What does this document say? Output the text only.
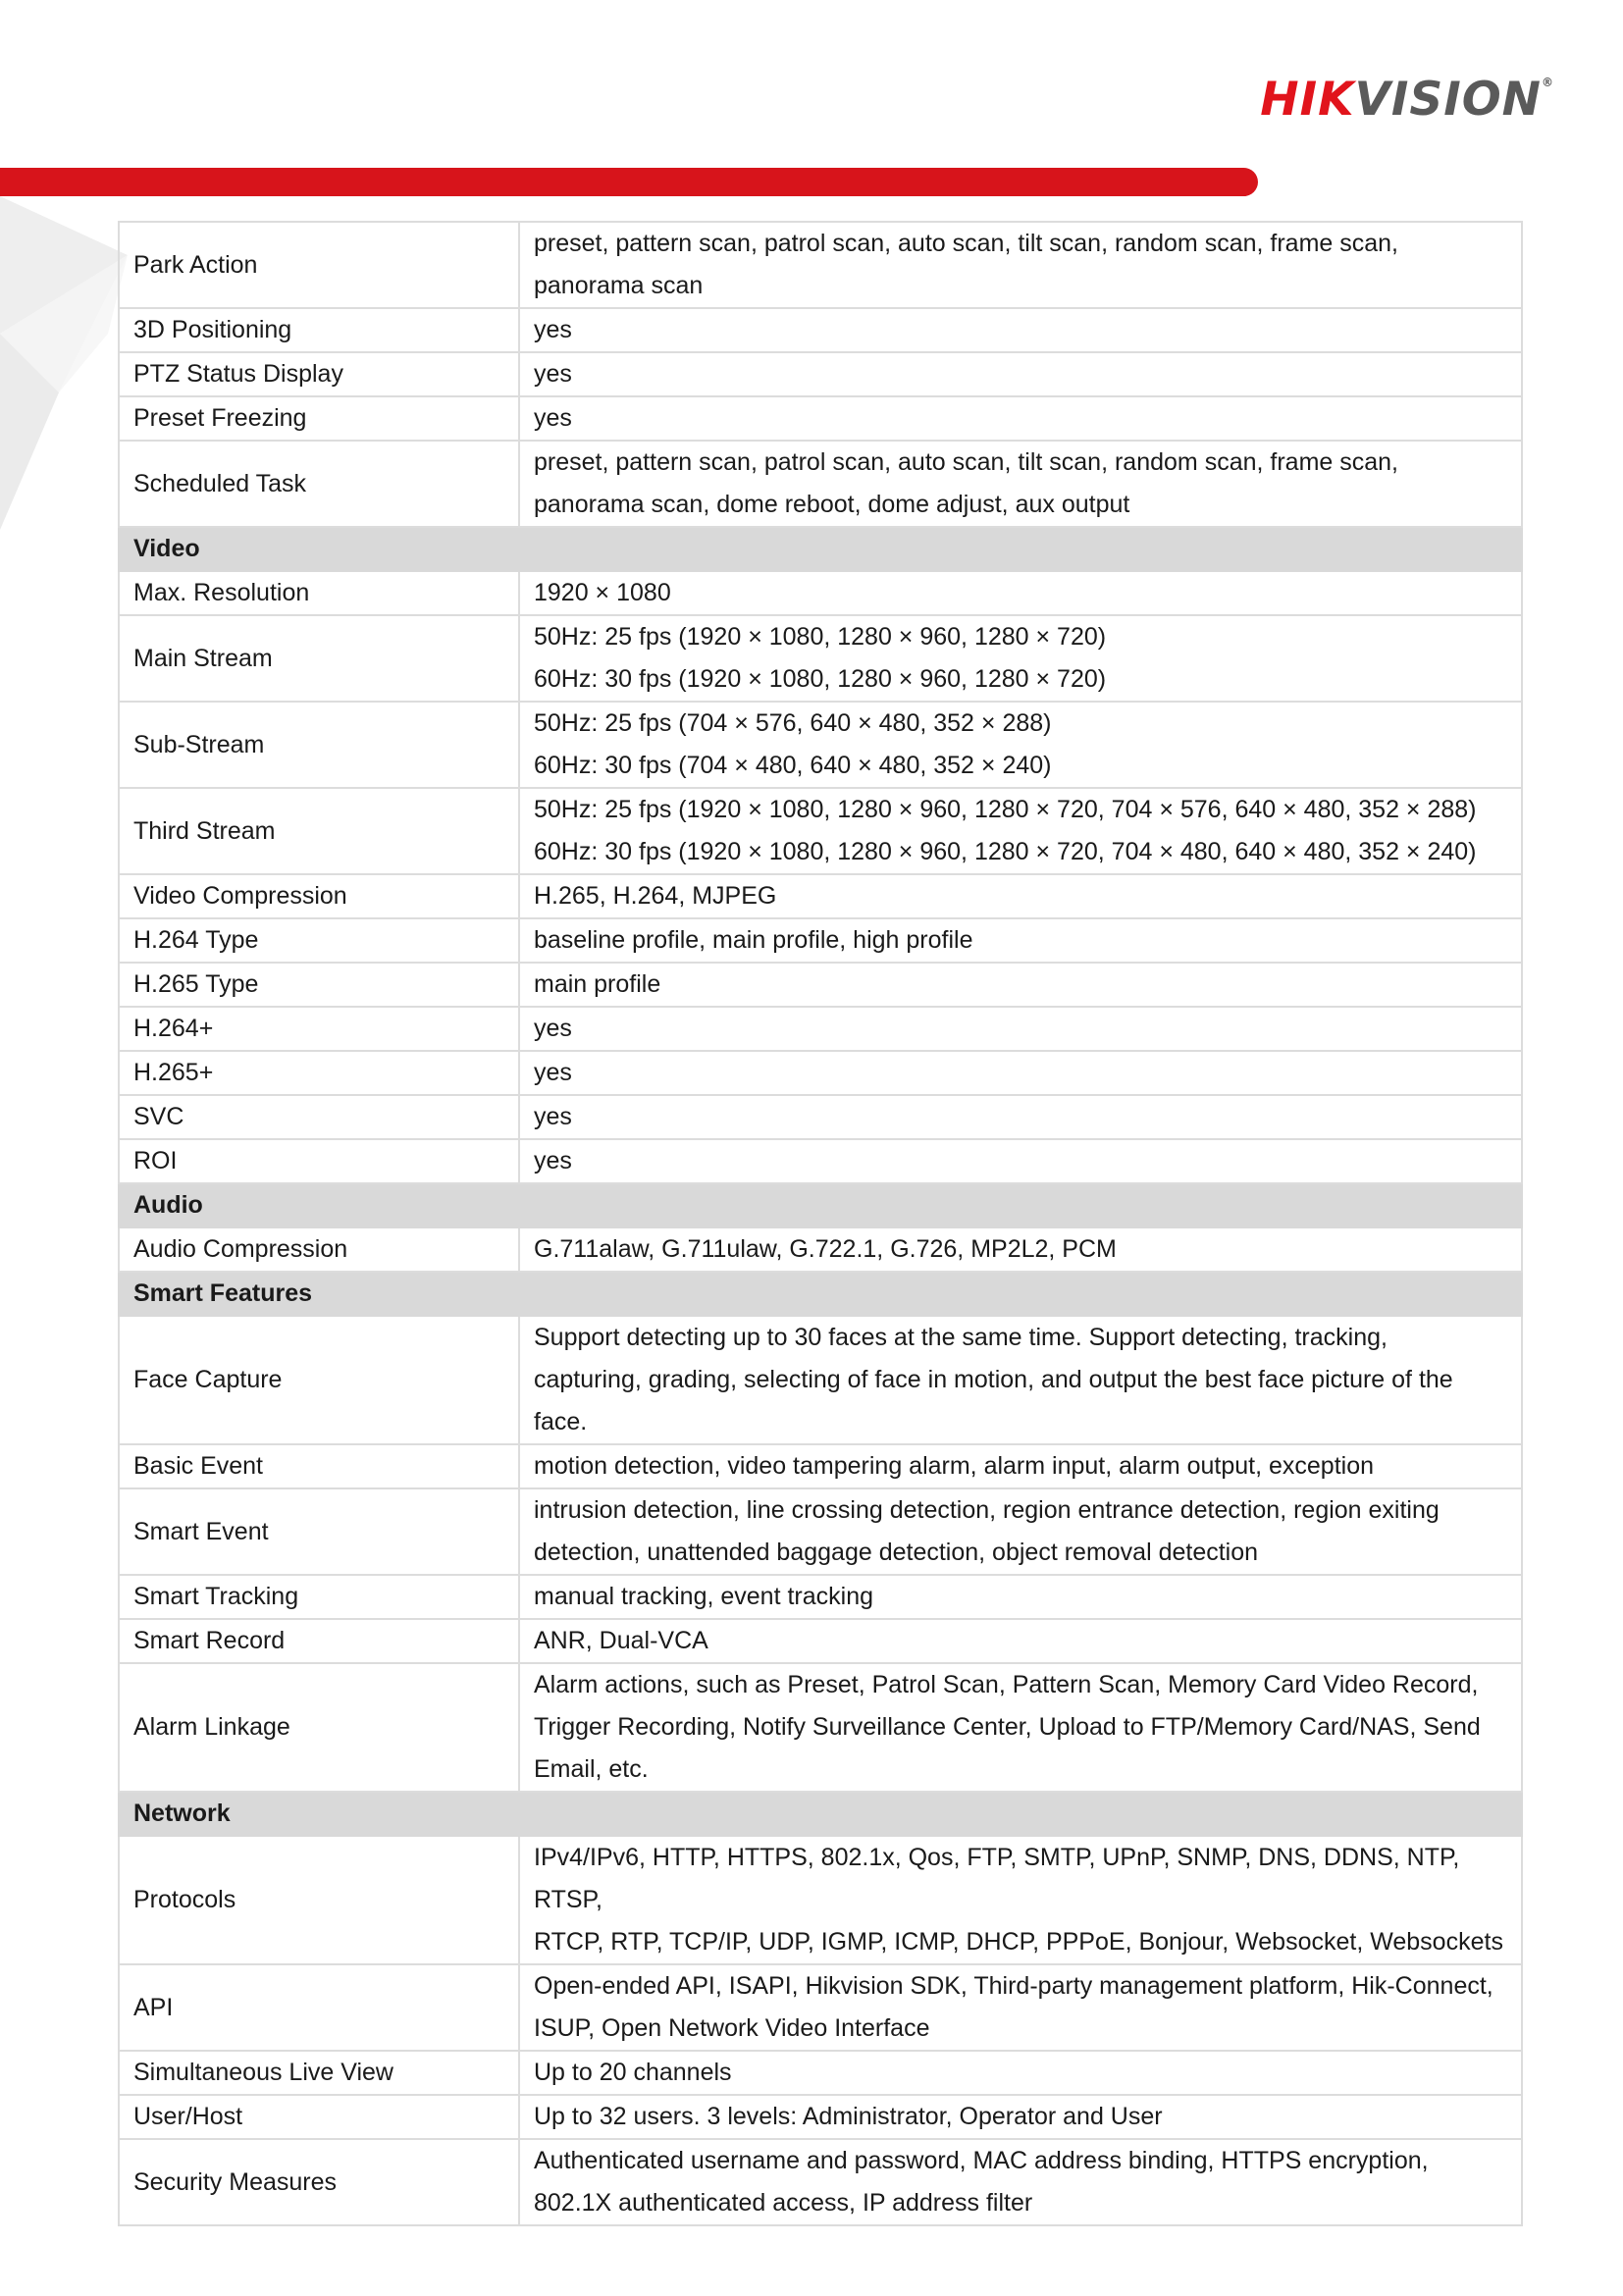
HIKVISION®
Park Action	preset, pattern scan, patrol scan, auto scan, tilt scan, random scan, frame scan,
panorama scan

3D Positioning	yes

PTZ Status Display	yes

Preset Freezing	yes

Scheduled Task	preset, pattern scan, patrol scan, auto scan, tilt scan, random scan, frame scan,
panorama scan, dome reboot, dome adjust, aux output

Video	
Max. Resolution	1920 × 1080

Main Stream	50Hz: 25 fps (1920 × 1080, 1280 × 960, 1280 × 720)
60Hz: 30 fps (1920 × 1080, 1280 × 960, 1280 × 720)

Sub-Stream	50Hz: 25 fps (704 × 576, 640 × 480, 352 × 288)
60Hz: 30 fps (704 × 480, 640 × 480, 352 × 240)

Third Stream	50Hz: 25 fps (1920 × 1080, 1280 × 960, 1280 × 720, 704 × 576, 640 × 480, 352 × 288)
60Hz: 30 fps (1920 × 1080, 1280 × 960, 1280 × 720, 704 × 480, 640 × 480, 352 × 240)

Video Compression	H.265, H.264, MJPEG

H.264 Type	baseline profile, main profile, high profile

H.265 Type	main profile

H.264+	yes

H.265+	yes

SVC	yes

ROI	yes

Audio	
Audio Compression	G.711alaw, G.711ulaw, G.722.1, G.726, MP2L2, PCM

Smart Features	
Face Capture	Support detecting up to 30 faces at the same time. Support detecting, tracking,
capturing, grading, selecting of face in motion, and output the best face picture of the
face.

Basic Event	motion detection, video tampering alarm, alarm input, alarm output, exception

Smart Event	intrusion detection, line crossing detection, region entrance detection, region exiting
detection, unattended baggage detection, object removal detection

Smart Tracking	manual tracking, event tracking

Smart Record	ANR, Dual-VCA

Alarm Linkage	Alarm actions, such as Preset, Patrol Scan, Pattern Scan, Memory Card Video Record,
Trigger Recording, Notify Surveillance Center, Upload to FTP/Memory Card/NAS, Send
Email, etc.

Network	
Protocols	IPv4/IPv6, HTTP, HTTPS, 802.1x, Qos, FTP, SMTP, UPnP, SNMP, DNS, DDNS, NTP, RTSP,
RTCP, RTP, TCP/IP, UDP, IGMP, ICMP, DHCP, PPPoE, Bonjour, Websocket, Websockets

API	Open-ended API, ISAPI, Hikvision SDK, Third-party management platform, Hik-Connect,
ISUP, Open Network Video Interface

Simultaneous Live View	Up to 20 channels

User/Host	Up to 32 users. 3 levels: Administrator, Operator and User

Security Measures	Authenticated username and password, MAC address binding, HTTPS encryption,
802.1X authenticated access, IP address filter
